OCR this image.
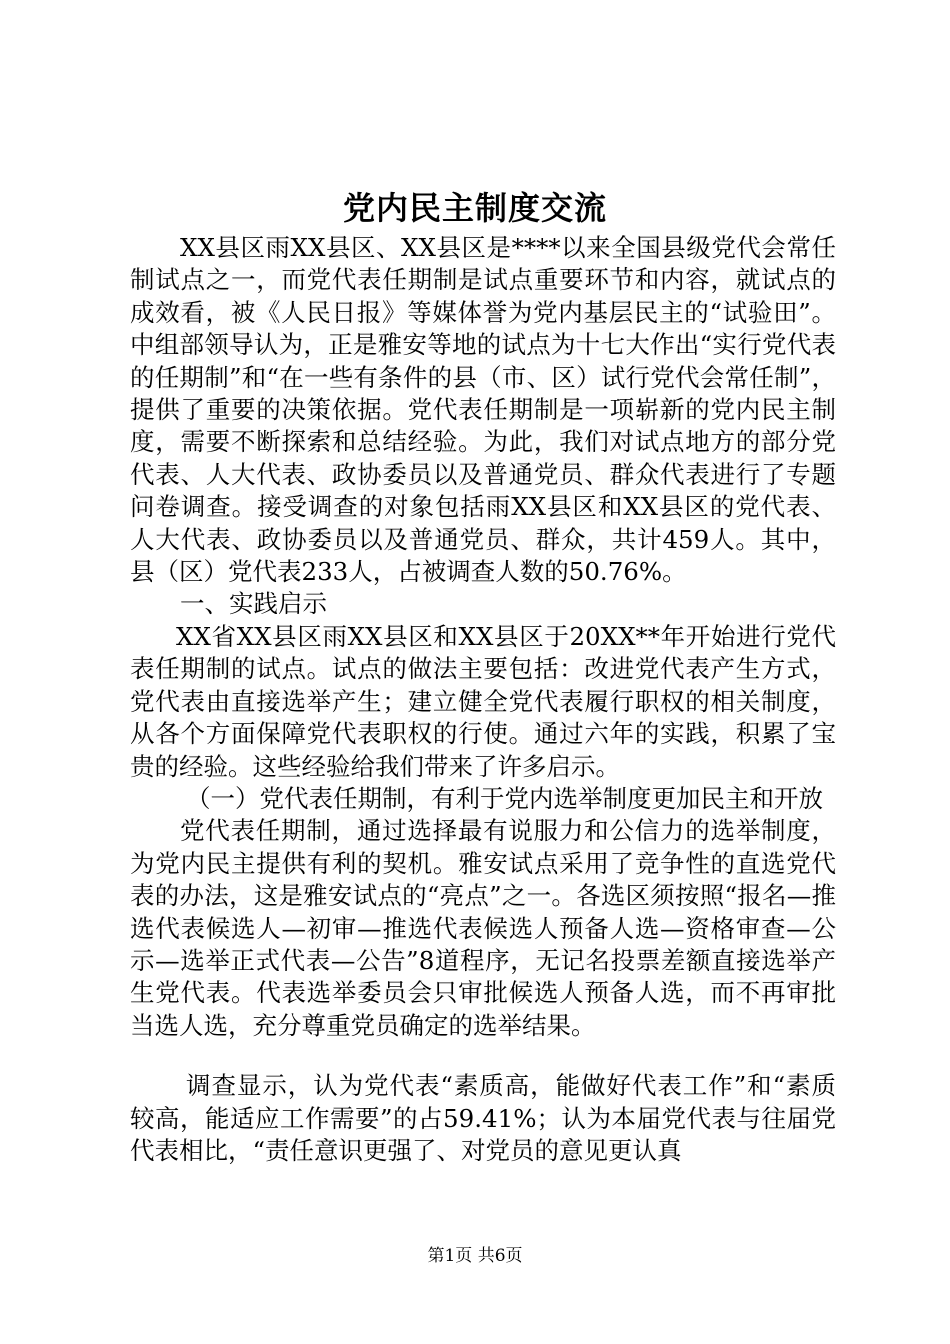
党内民主制度交流

XX县区雨XX县区、XX县区是****以来全国县级党代会常任制试点之一，而党代表任期制是试点重要环节和内容，就试点的成效看，被《人民日报》等媒体誉为党内基层民主的“试验田”。中组部领导认为，正是雅安等地的试点为十七大作出“实行党代表的任期制”和“在一些有条件的县（市、区）试行党代会常任制”，提供了重要的决策依据。党代表任期制是一项崭新的党内民主制度，需要不断探索和总结经验。为此，我们对试点地方的部分党代表、人大代表、政协委员以及普通党员、群众代表进行了专题问卷调查。接受调查的对象包括雨XX县区和XX县区的党代表、人大代表、政协委员以及普通党员、群众，共计459人。其中，县（区）党代表233人，占被调查人数的50.76%。

一、实践启示

XX省XX县区雨XX县区和XX县区于20XX**年开始进行党代表任期制的试点。试点的做法主要包括：改进党代表产生方式，党代表由直接选举产生；建立健全党代表履行职权的相关制度，从各个方面保障党代表职权的行使。通过六年的实践，积累了宝贵的经验。这些经验给我们带来了许多启示。

（一）党代表任期制，有利于党内选举制度更加民主和开放

党代表任期制，通过选择最有说服力和公信力的选举制度，为党内民主提供有利的契机。雅安试点采用了竞争性的直选党代表的办法，这是雅安试点的“亮点”之一。各选区须按照“报名—推选代表候选人—初审—推选代表候选人预备人选—资格审查—公示—选举正式代表—公告”8道程序，无记名投票差额直接选举产生党代表。代表选举委员会只审批候选人预备人选，而不再审批当选人选，充分尊重党员确定的选举结果。

调查显示，认为党代表“素质高，能做好代表工作”和“素质较高，能适应工作需要”的占59.41%；认为本届党代表与往届党代表相比，“责任意识更强了、对党员的意见更认真

第1页 共6页
